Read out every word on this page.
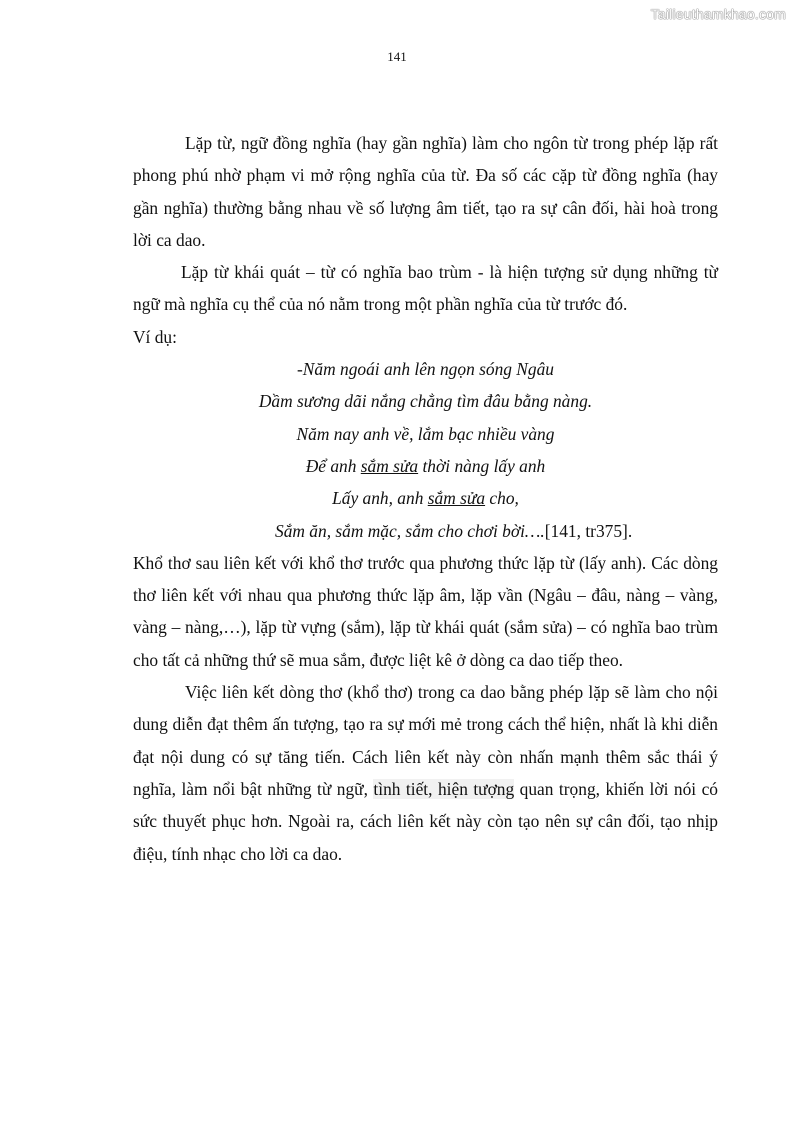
Tailieuthamkhao.com
141

Lặp từ, ngữ đồng nghĩa (hay gần nghĩa) làm cho ngôn từ trong phép lặp rất phong phú nhờ phạm vi mở rộng nghĩa của từ. Đa số các cặp từ đồng nghĩa (hay gần nghĩa) thường bằng nhau về số lượng âm tiết, tạo ra sự cân đối, hài hoà trong lời ca dao.

Lặp từ khái quát – từ có nghĩa bao trùm - là hiện tượng sử dụng những từ ngữ mà nghĩa cụ thể của nó nằm trong một phần nghĩa của từ trước đó.

Ví dụ:

-Năm ngoái anh lên ngọn sóng Ngâu

Dầm sương dãi nắng chẳng tìm đâu bằng nàng.

Năm nay anh về, lắm bạc nhiều vàng

Để anh sắm sửa thời nàng lấy anh

Lấy anh, anh sắm sửa cho,

Sắm ăn, sắm mặc, sắm cho chơi bời….[141, tr375].

Khổ thơ sau liên kết với khổ thơ trước qua phương thức lặp từ (lấy anh). Các dòng thơ liên kết với nhau qua phương thức lặp âm, lặp vần (Ngâu – đâu, nàng – vàng, vàng – nàng,…), lặp từ vựng (sắm), lặp từ khái quát (sắm sửa) – có nghĩa bao trùm cho tất cả những thứ sẽ mua sắm, được liệt kê ở dòng ca dao tiếp theo.

Việc liên kết dòng thơ (khổ thơ) trong ca dao bằng phép lặp sẽ làm cho nội dung diễn đạt thêm ấn tượng, tạo ra sự mới mẻ trong cách thể hiện, nhất là khi diễn đạt nội dung có sự tăng tiến. Cách liên kết này còn nhấn mạnh thêm sắc thái ý nghĩa, làm nổi bật những từ ngữ, tình tiết, hiện tượng quan trọng, khiến lời nói có sức thuyết phục hơn. Ngoài ra, cách liên kết này còn tạo nên sự cân đối, tạo nhịp điệu, tính nhạc cho lời ca dao.
